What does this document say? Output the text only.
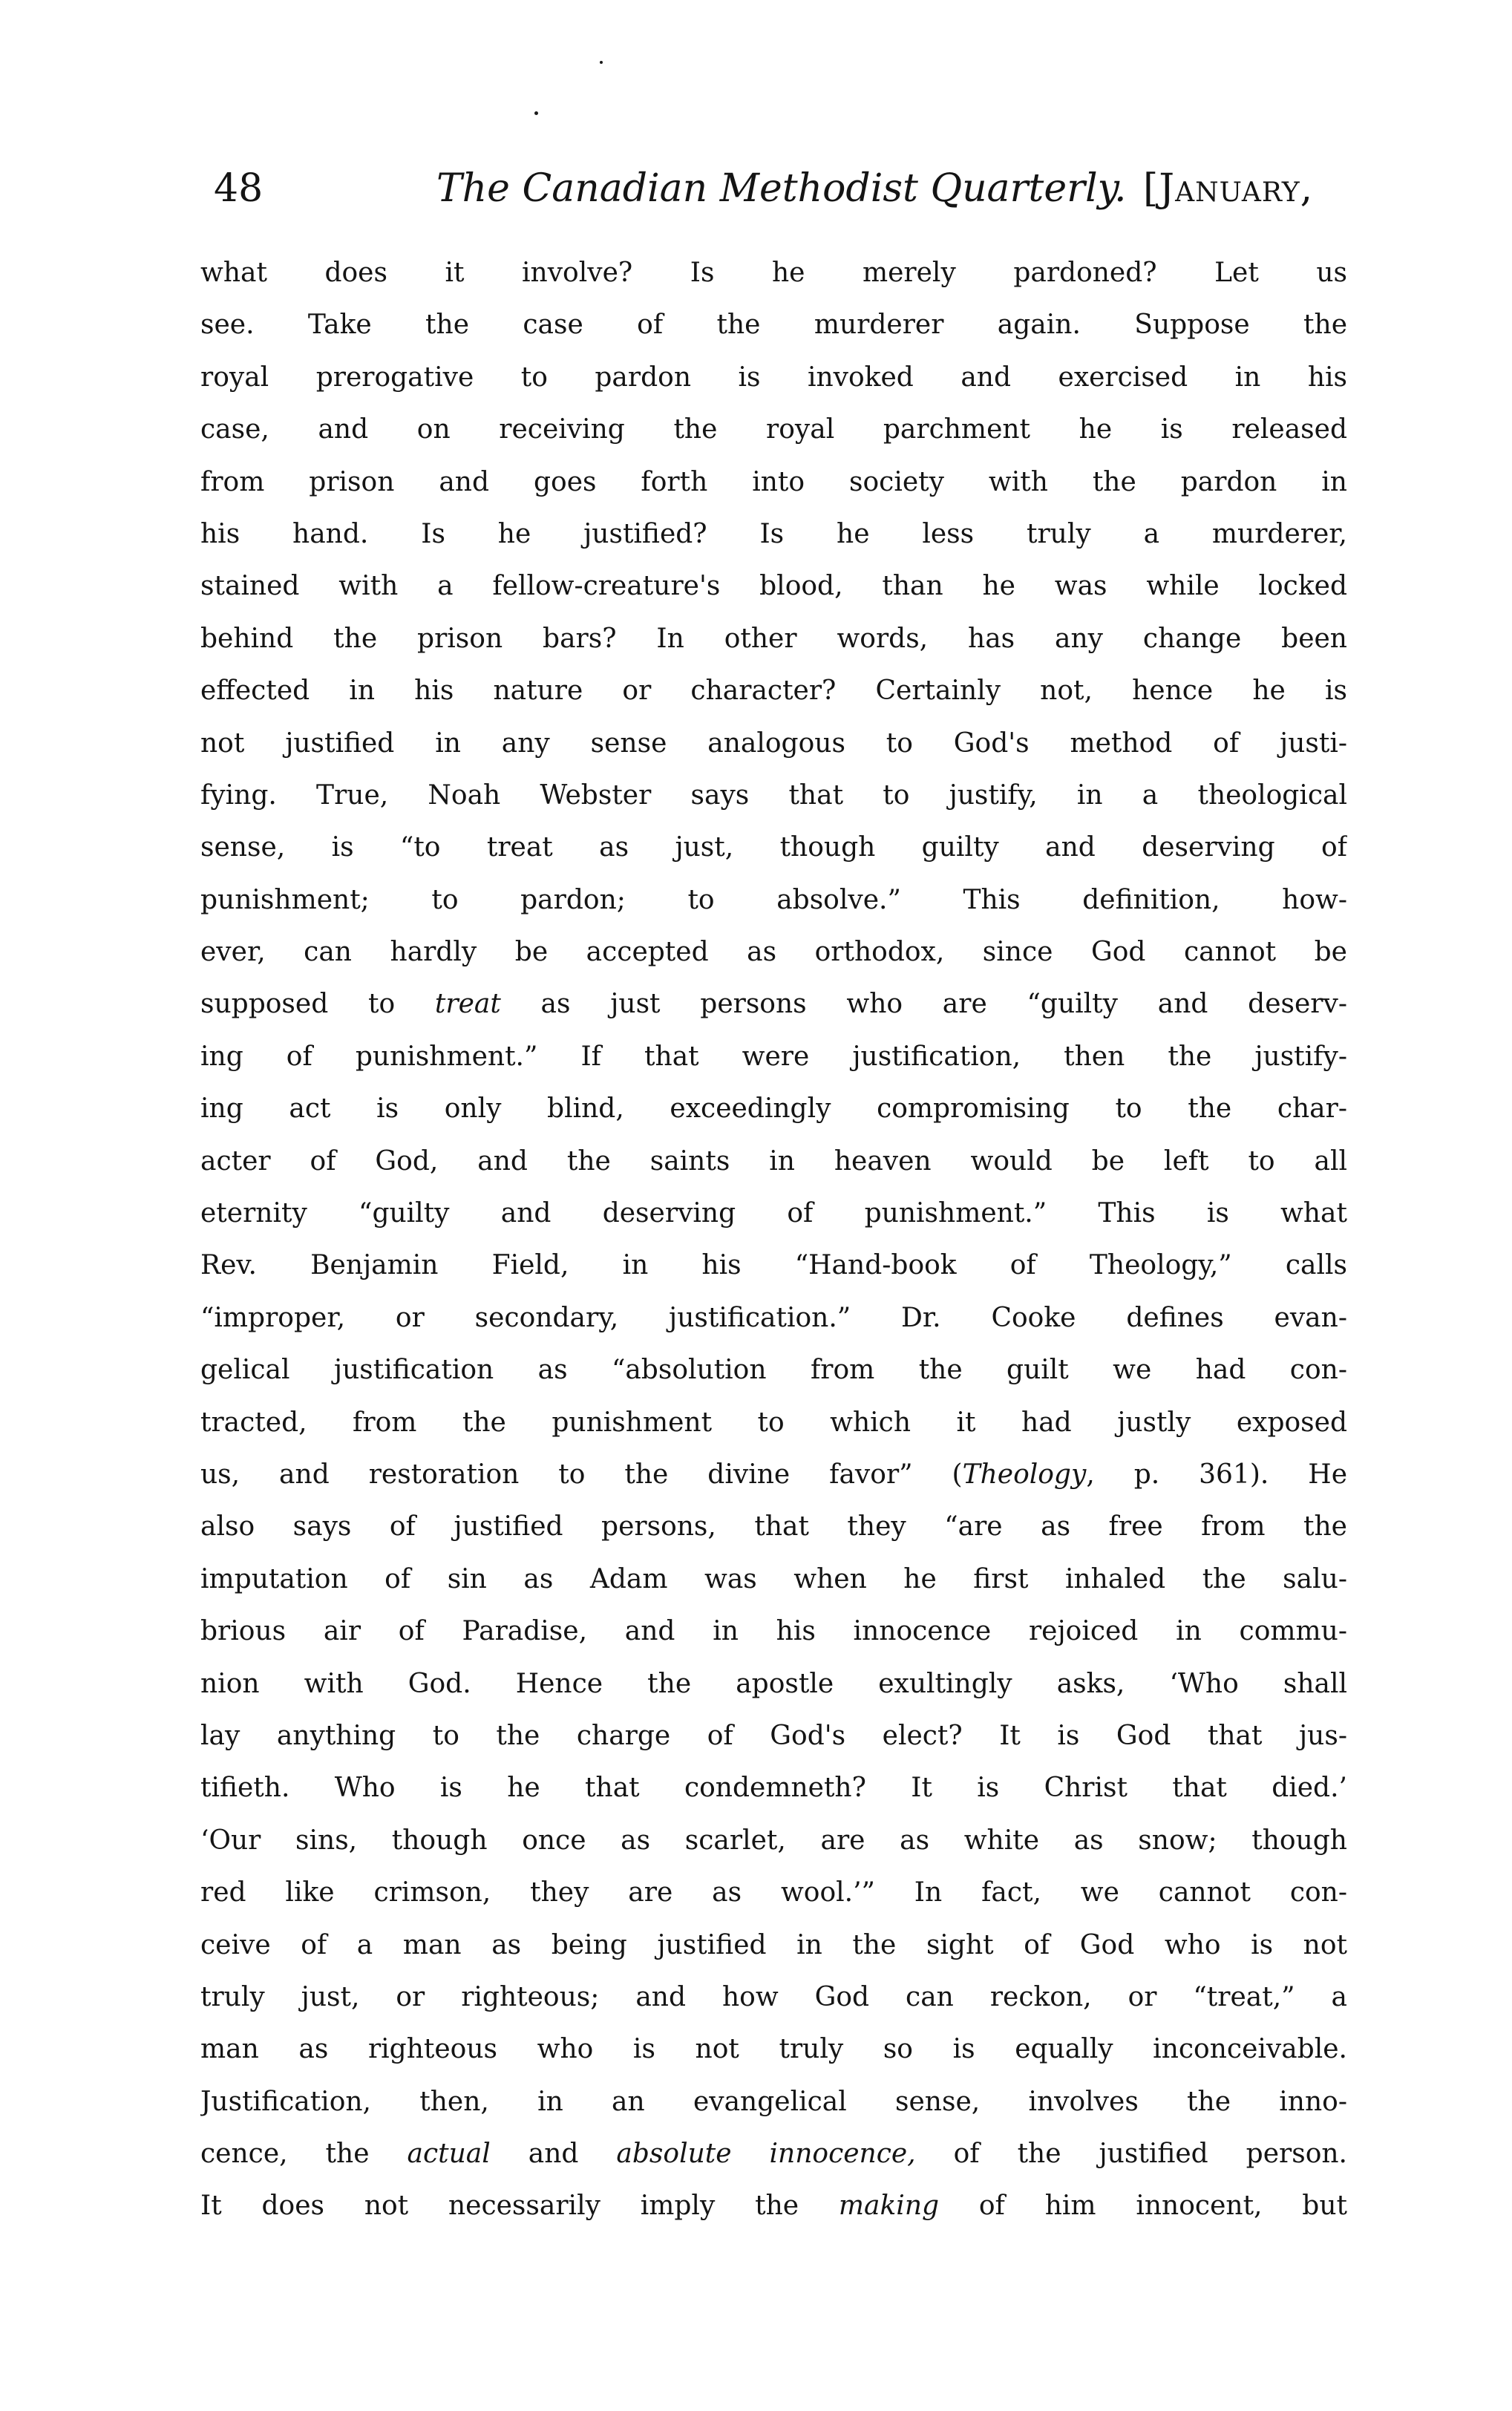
48	The Canadian Methodist Quarterly. [January,
what does it involve? Is he merely pardoned? Let us
see. Take the case of the murderer again. Suppose the
royal prerogative to pardon is invoked and exercised in his
case, and on receiving the royal parchment he is released
from prison and goes forth into society with the pardon in
his hand. Is he justified? Is he less truly a murderer,
stained with a fellow-creature's blood, than he was while locked
behind the prison bars? In other words, has any change been
effected in his nature or character? Certainly not, hence he is
not justified in any sense analogous to God's method of justi-
fying. True, Noah Webster says that to justify, in a theological
sense, is “to treat as just, though guilty and deserving of
punishment; to pardon; to absolve.” This definition, how-
ever, can hardly be accepted as orthodox, since God cannot be
supposed to treat as just persons who are “guilty and deserv-
ing of punishment.” If that were justification, then the justify-
ing act is only blind, exceedingly compromising to the char-
acter of God, and the saints in heaven would be left to all
eternity “guilty and deserving of punishment.” This is what
Rev. Benjamin Field, in his “Hand-book of Theology,” calls
“improper, or secondary, justification.” Dr. Cooke defines evan-
gelical justification as “absolution from the guilt we had con-
tracted, from the punishment to which it had justly exposed
us, and restoration to the divine favor” (Theology, p. 361). He
also says of justified persons, that they “are as free from the
imputation of sin as Adam was when he first inhaled the salu-
brious air of Paradise, and in his innocence rejoiced in commu-
nion with God. Hence the apostle exultingly asks, ‘Who shall
lay anything to the charge of God's elect? It is God that jus-
tifieth. Who is he that condemneth? It is Christ that died.’
‘Our sins, though once as scarlet, are as white as snow; though
red like crimson, they are as wool.’” In fact, we cannot con-
ceive of a man as being justified in the sight of God who is not
truly just, or righteous; and how God can reckon, or “treat,” a
man as righteous who is not truly so is equally inconceivable.
Justification, then, in an evangelical sense, involves the inno-
cence, the actual and absolute innocence, of the justified person.
It does not necessarily imply the making of him innocent, but
